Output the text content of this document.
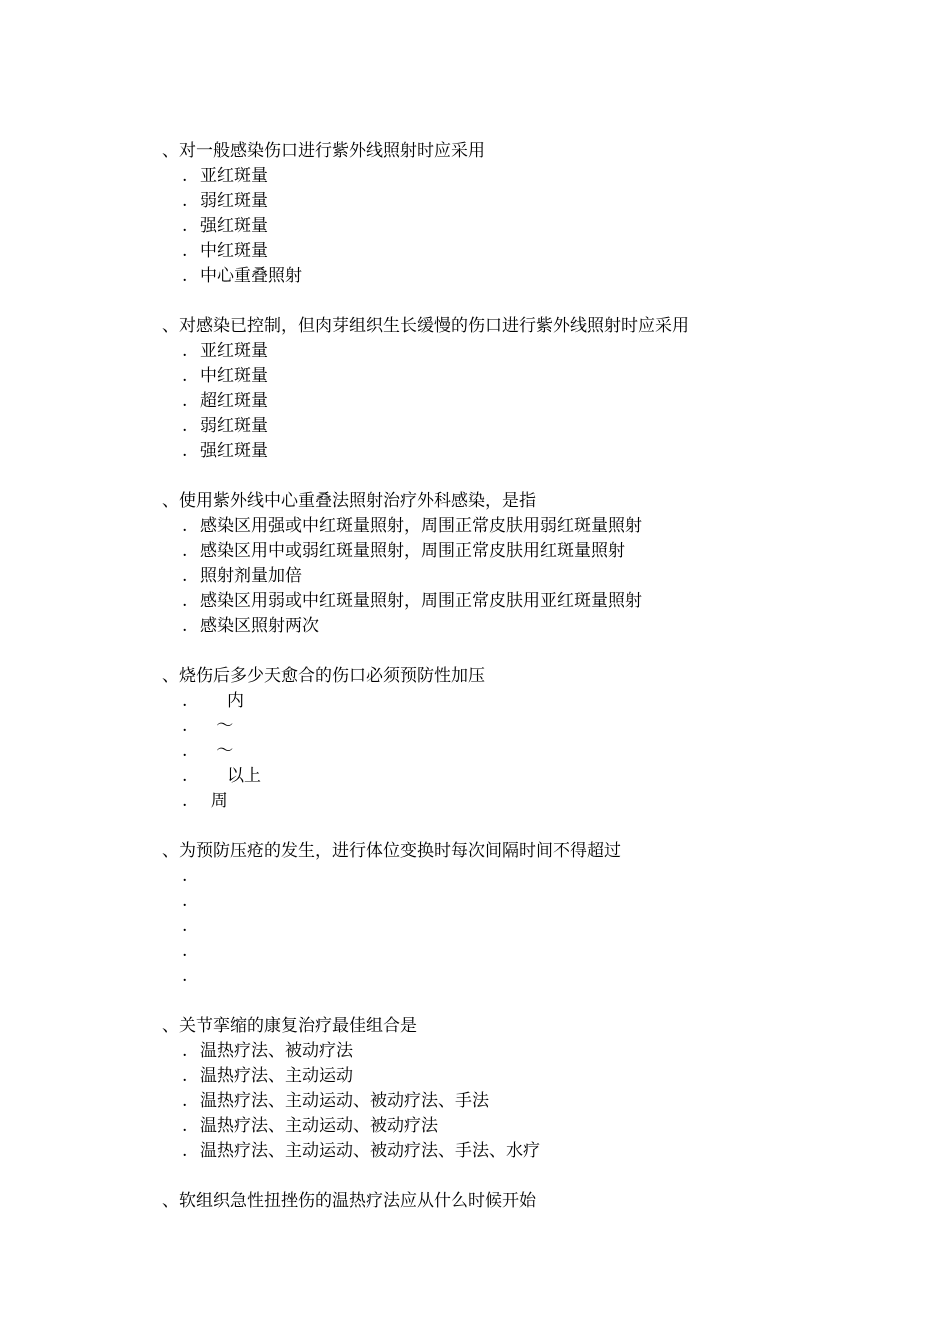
、对一般感染伤口进行紫外线照射时应采用
. 亚红斑量
. 弱红斑量
. 强红斑量
. 中红斑量
. 中心重叠照射
、对感染已控制，但肉芽组织生长缓慢的伤口进行紫外线照射时应采用
. 亚红斑量
. 中红斑量
. 超红斑量
. 弱红斑量
. 强红斑量
、使用紫外线中心重叠法照射治疗外科感染，是指
. 感染区用强或中红斑量照射，周围正常皮肤用弱红斑量照射
. 感染区用中或弱红斑量照射，周围正常皮肤用红斑量照射
. 照射剂量加倍
. 感染区用弱或中红斑量照射，周围正常皮肤用亚红斑量照射
. 感染区照射两次
、烧伤后多少天愈合的伤口必须预防性加压
.     内
.   ～
.   ～
.     以上
.  周
、为预防压疮的发生，进行体位变换时每次间隔时间不得超过
.
.
.
.
.
、关节挛缩的康复治疗最佳组合是
. 温热疗法、被动疗法
. 温热疗法、主动运动
. 温热疗法、主动运动、被动疗法、手法
. 温热疗法、主动运动、被动疗法
. 温热疗法、主动运动、被动疗法、手法、水疗
、软组织急性扭挫伤的温热疗法应从什么时候开始
